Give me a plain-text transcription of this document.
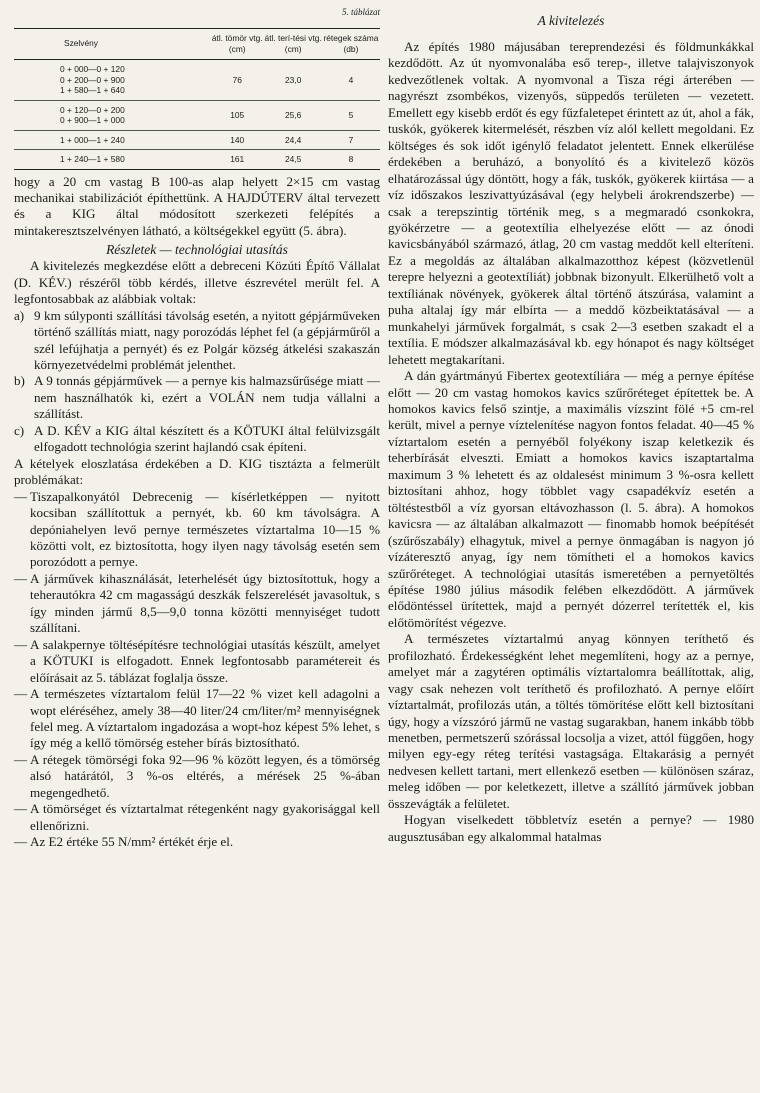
5. táblázat
Szelvény	átl. tömör vtg. (cm)	átl. terí-tési vtg. (cm)	rétegek száma (db)

0 + 000—0 + 120
0 + 200—0 + 900
1 + 580—1 + 640	76	23,0	4

0 + 120—0 + 200
0 + 900—1 + 000	105	25,6	5

1 + 000—1 + 240	140	24,4	7

1 + 240—1 + 580	161	24,5	8

hogy a 20 cm vastag B 100-as alap helyett 2×15 cm vastag mechanikai stabilizációt építhettünk. A HAJDÚTERV által tervezett és a KIG által módosított szerkezeti felépítés a mintakeresztszelvényen látható, a költségekkel együtt (5. ábra).

Részletek — technológiai utasítás

A kivitelezés megkezdése előtt a debreceni Közúti Építő Vállalat (D. KÉV.) részéről több kérdés, illetve észrevétel merült fel. A legfontosabbak az alábbiak voltak:

a) 9 km súlyponti szállítási távolság esetén, a nyitott gépjárműveken történő szállítás miatt, nagy porozódás léphet fel (a gépjárműről a szél lefújhatja a pernyét) és ez Polgár község átkelési szakaszán környezetvédelmi problémát jelenthet.
b) A 9 tonnás gépjárművek — a pernye kis halmazsűrűsége miatt — nem használhatók ki, ezért a VOLÁN nem tudja vállalni a szállítást.
c) A D. KÉV a KIG által készített és a KÖTUKI által felülvizsgált elfogadott technológia szerint hajlandó csak építeni.

A kételyek eloszlatása érdekében a D. KIG tisztázta a felmerült problémákat:

— Tiszapalkonyától Debrecenig — kísérletképpen — nyitott kocsiban szállítottuk a pernyét, kb. 60 km távolságra. A depóniahelyen levő pernye természetes víztartalma 10—15 % közötti volt, ez biztosította, hogy ilyen nagy távolság esetén sem porozódott a pernye.
— A járművek kihasználását, leterhelését úgy biztosítottuk, hogy a teherautókra 42 cm magasságú deszkák felszerelését javasoltuk, s így minden jármű 8,5—9,0 tonna közötti mennyiséget tudott szállítani.
— A salakpernye töltésépítésre technológiai utasítás készült, amelyet a KÖTUKI is elfogadott. Ennek legfontosabb paramétereit és előírásait az 5. táblázat foglalja össze.
— A természetes víztartalom felül 17—22 % vizet kell adagolni a wopt eléréséhez, amely 38—40 liter/24 cm/liter/m² mennyiségnek felel meg. A víztartalom ingadozása a wopt-hoz képest 5% lehet, s így még a kellő tömörség esteher bírás biztosítható.
— A rétegek tömörségi foka 92—96 % között legyen, és a tömörség alsó határától, 3 %-os eltérés, a mérések 25 %-ában megengedhető.
— A tömörséget és víztartalmat rétegenként nagy gyakorisággal kell ellenőrizni.
— Az E2 értéke 55 N/mm² értékét érje el.
A kivitelezés

Az építés 1980 májusában tereprendezési és földmunkákkal kezdődött. Az út nyomvonalába eső terep-, illetve talajviszonyok kedvezőtlenek voltak. A nyomvonal a Tisza régi árterében — nagyrészt zsombékos, vizenyős, süppedős területen — vezetett. Emellett egy kisebb erdőt és egy fűzfaletepet érintett az út, ahol a fák, tuskók, gyökerek kitermelését, részben víz alól kellett megoldani. Ez költséges és sok időt igénylő feladatot jelentett. Ennek elkerülése érdekében a beruházó, a bonyolító és a kivitelező közös elhatározással úgy döntött, hogy a fák, tuskók, gyökerek kiirtása — a víz időszakos leszivattyúzásával (egy helybeli árokrendszerbe) — csak a terepszintig történik meg, s a megmaradó csonkokra, gyökérzetre — a geotextília elhelyezése előtt — az ónodi kavicsbányából származó, átlag, 20 cm vastag meddőt kell elteríteni. Ez a megoldás az általában alkalmazotthoz képest (közvetlenül terepre helyezni a geotextíliát) jobbnak bizonyult. Elkerülhető volt a textíliának növények, gyökerek által történő átszúrása, valamint a puha altalaj így már elbírta — a meddő közbeiktatásával — a munkahelyi járművek forgalmát, s csak 2—3 esetben szakadt el a textília. E módszer alkalmazásával kb. egy hónapot és nagy költséget lehetett megtakarítani.

A dán gyártmányú Fibertex geotextíliára — még a pernye építése előtt — 20 cm vastag homokos kavics szűrőréteget építettek be. A homokos kavics felső szintje, a maximális vízszint fölé +5 cm-rel került, mivel a pernye víztelenítése nagyon fontos feladat. 40—45 % víztartalom esetén a pernyéből folyékony iszap keletkezik és teherbírását elveszti. Emiatt a homokos kavics iszaptartalma maximum 3 % lehetett és az oldalesést minimum 3 %-osra kellett biztosítani ahhoz, hogy többlet vagy csapadékvíz esetén a töltéstestből a víz gyorsan eltávozhasson (l. 5. ábra). A homokos kavicsra — az általában alkalmazott — finomabb homok beépítését (szűrőszabály) elhagytuk, mivel a pernye önmagában is nagyon jó vízáteresztő anyag, így nem tömítheti el a homokos kavics szűrőréteget. A technológiai utasítás ismeretében a pernyetöltés építése 1980 július második felében elkezdődött. A járművek elődöntéssel ürítettek, majd a pernyét dózerrel terítették el, kis előtömörítést végezve.

A természetes víztartalmú anyag könnyen teríthető és profilozható. Érdekességként lehet megemlíteni, hogy az a pernye, amelyet már a zagytéren optimális víztartalomra beállítottak, alig, vagy csak nehezen volt teríthető és profilozható. A pernye előírt víztartalmát, profilozás után, a töltés tömörítése előtt kell biztosítani úgy, hogy a vízszóró jármű ne vastag sugarakban, hanem inkább több menetben, permetszerű szórással locsolja a vizet, attól függően, hogy milyen egy-egy réteg terítési vastagsága. Eltakarásig a pernyét nedvesen kellett tartani, mert ellenkező esetben — különösen száraz, meleg időben — por keletkezett, illetve a szállító járművek jobban összevágták a felületet.

Hogyan viselkedett többletvíz esetén a pernye? — 1980 augusztusában egy alkalommal hatalmas
